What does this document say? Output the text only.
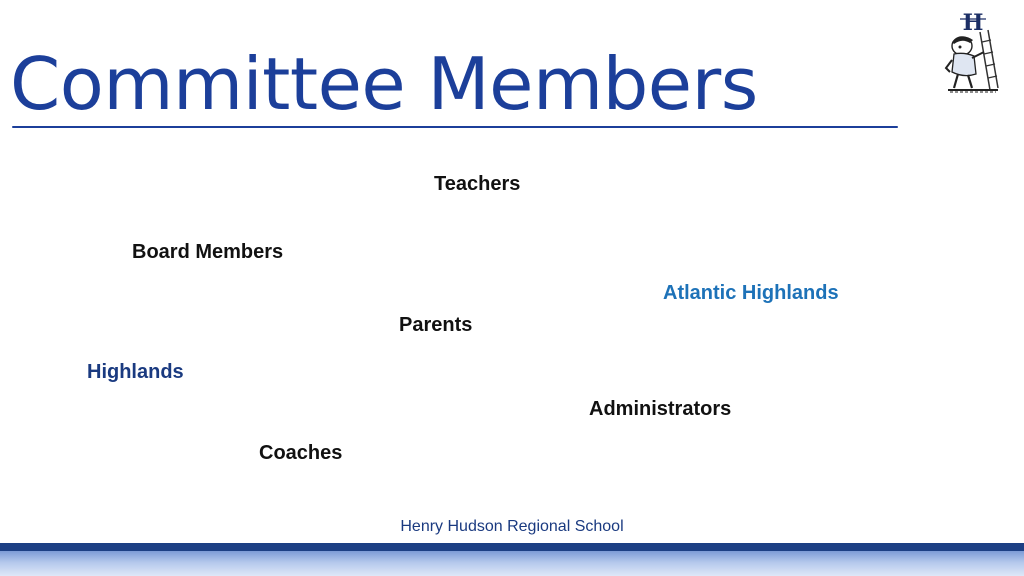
Committee Members
H
Teachers
Board Members
Atlantic Highlands
Parents
Highlands
Administrators
Coaches
Henry Hudson Regional School
